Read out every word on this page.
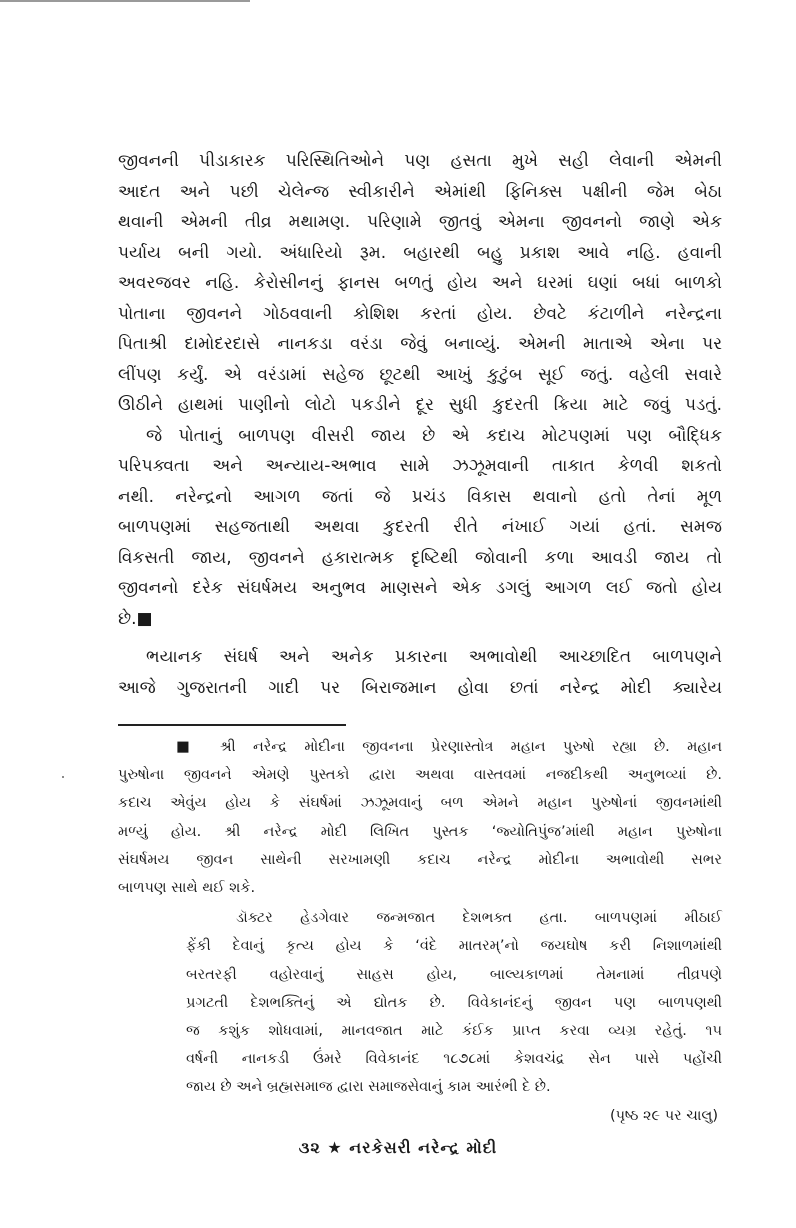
જીવનની પીડાકારક પરિસ્થિતિઓને પણ હસતા મુખે સહી લેવાની એમની
આદત અને પછી ચેલેન્જ સ્વીકારીને એમાંથી ફિનિક્સ પક્ષીની જેમ બેઠા
થવાની એમની તીવ્ર મથામણ. પરિણામે જીતવું એમના જીવનનો જાણે એક
પર્યાય બની ગયો. અંધારિયો રૂમ. બહારથી બહુ પ્રકાશ આવે નહિ. હવાની
અવરજવર નહિ. કેરોસીનનું ફાનસ બળતું હોય અને ઘરમાં ઘણાં બધાં બાળકો
પોતાના જીવનને ગોઠવવાની કોશિશ કરતાં હોય. છેવટે કંટાળીને નરેન્દ્રના
પિતાશ્રી દામોદરદાસે નાનકડા વરંડા જેવું બનાવ્યું. એમની માતાએ એના પર
લીંપણ કર્યું. એ વરંડામાં સહેજ છૂટથી આખું કુટુંબ સૂઈ જતું. વહેલી સવારે
ઊઠીને હાથમાં પાણીનો લોટો પકડીને દૂર સુધી કુદરતી ક્રિયા માટે જવું પડતું.
જે પોતાનું બાળપણ વીસરી જાય છે એ કદાચ મોટપણમાં પણ બૌદ્ધિક
પરિપક્વતા અને અન્યાય-અભાવ સામે ઝઝૂમવાની તાકાત કેળવી શકતો
નથી. નરેન્દ્રનો આગળ જતાં જે પ્રચંડ વિકાસ થવાનો હતો તેનાં મૂળ
બાળપણમાં સહજતાથી અથવા કુદરતી રીતે નંખાઈ ગયાં હતાં. સમજ
વિકસતી જાય, જીવનને હકારાત્મક દૃષ્ટિથી જોવાની કળા આવડી જાય તો
જીવનનો દરેક સંઘર્ષમય અનુભવ માણસને એક ડગલું આગળ લઈ જતો હોય
છે.■
ભયાનક સંઘર્ષ અને અનેક પ્રકારના અભાવોથી આચ્છાદિત બાળપણને
આજે ગુજરાતની ગાદી પર બિરાજમાન હોવા છતાં નરેન્દ્ર મોદી ક્યારેય
■ શ્રી નરેન્દ્ર મોદીના જીવનના પ્રેરણાસ્તોત્ર મહાન પુરુષો રહ્યા છે. મહાન
પુરુષોના જીવનને એમણે પુસ્તકો દ્વારા અથવા વાસ્તવમાં નજદીકથી અનુભવ્યાં છે.
કદાચ એવુંય હોય કે સંઘર્ષમાં ઝઝૂમવાનું બળ એમને મહાન પુરુષોનાં જીવનમાંથી
મળ્યું હોય. શ્રી નરેન્દ્ર મોદી લિખિત પુસ્તક ‘જ્યોતિપુંજ’માંથી મહાન પુરુષોના
સંઘર્ષમય જીવન સાથેની સરખામણી કદાચ નરેન્દ્ર મોદીના અભાવોથી સભર
બાળપણ સાથે થઈ શકે.
ડૉક્ટર હેડગેવાર જન્મજાત દેશભક્ત હતા. બાળપણમાં મીઠાઈ
ફેંકી દેવાનું કૃત્ય હોય કે ‘વંદે માતરમ્’નો જયઘોષ કરી નિશાળમાંથી
બરતરફી વહોરવાનું સાહસ હોય, બાલ્યકાળમાં તેમનામાં તીવ્રપણે
પ્રગટતી દેશભક્તિનું એ દ્યોતક છે. વિવેકાનંદનું જીવન પણ બાળપણથી
જ કશુંક શોધવામાં, માનવજાત માટે કંઈક પ્રાપ્ત કરવા વ્યગ્ર રહેતું. ૧૫
વર્ષની નાનકડી ઉંમરે વિવેકાનંદ ૧૮૭૮માં કેશવચંદ્ર સેન પાસે પહોંચી
જાય છે અને બ્રહ્મસમાજ દ્વારા સમાજસેવાનું કામ આરંભી દે છે.
(પૃષ્ઠ ૨૯ પર ચાલુ)
૩૨ ★ નરકેસરી નરેન્દ્ર મોદી
